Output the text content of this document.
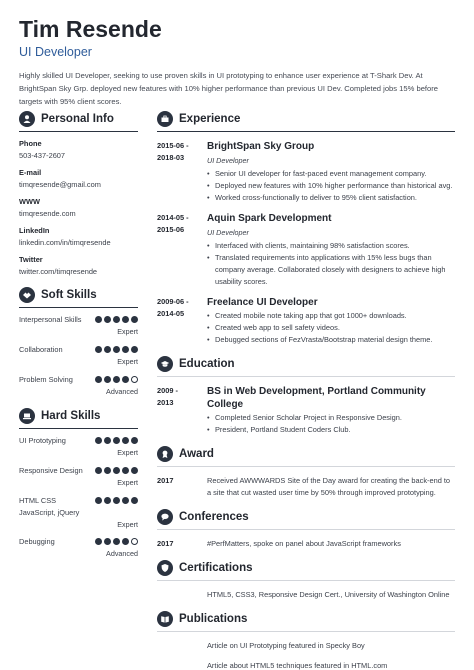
Tim Resende
UI Developer
Highly skilled UI Developer, seeking to use proven skills in UI prototyping to enhance user experience at T-Shark Dev. At BrightSpan Sky Grp. deployed new features with 10% higher performance than previous UI Dev. Completed jobs 15% before targets with 95% client scores.
Personal Info
Phone
503-437-2607
E-mail
timqresende@gmail.com
WWW
timqresende.com
LinkedIn
linkedin.com/in/timqresende
Twitter
twitter.com/timqresende
Soft Skills
Interpersonal Skills
Expert
Collaboration
Expert
Problem Solving
Advanced
Hard Skills
UI Prototyping
Expert
Responsive Design
Expert
HTML CSS JavaScript, jQuery
Expert
Debugging
Advanced
Experience
2015-06 -
2018-03
BrightSpan Sky Group
UI Developer
• Senior UI developer for fast-paced event management company.
• Deployed new features with 10% higher performance than historical avg.
• Worked cross-functionally to deliver to 95% client satisfaction.
2014-05 -
2015-06
Aquin Spark Development
UI Developer
• Interfaced with clients, maintaining 98% satisfaction scores.
• Translated requirements into applications with 15% less bugs than company average. Collaborated closely with designers to achieve high usability scores.
2009-06 -
2014-05
Freelance UI Developer
• Created mobile note taking app that got 1000+ downloads.
• Created web app to sell safety videos.
• Debugged sections of FezVrasta/Bootstrap material design theme.
Education
2009 -
2013
BS in Web Development, Portland Community College
• Completed Senior Scholar Project in Responsive Design.
• President, Portland Student Coders Club.
Award
2017	Received AWWWARDS Site of the Day award for creating the back-end to a site that cut wasted user time by 50% through improved prototyping.
Conferences
2017	#PerfMatters, spoke on panel about JavaScript frameworks
Certifications
HTML5, CSS3, Responsive Design Cert., University of Washington Online
Publications
Article on UI Prototyping featured in Specky Boy
Article about HTML5 techniques featured in HTML.com
